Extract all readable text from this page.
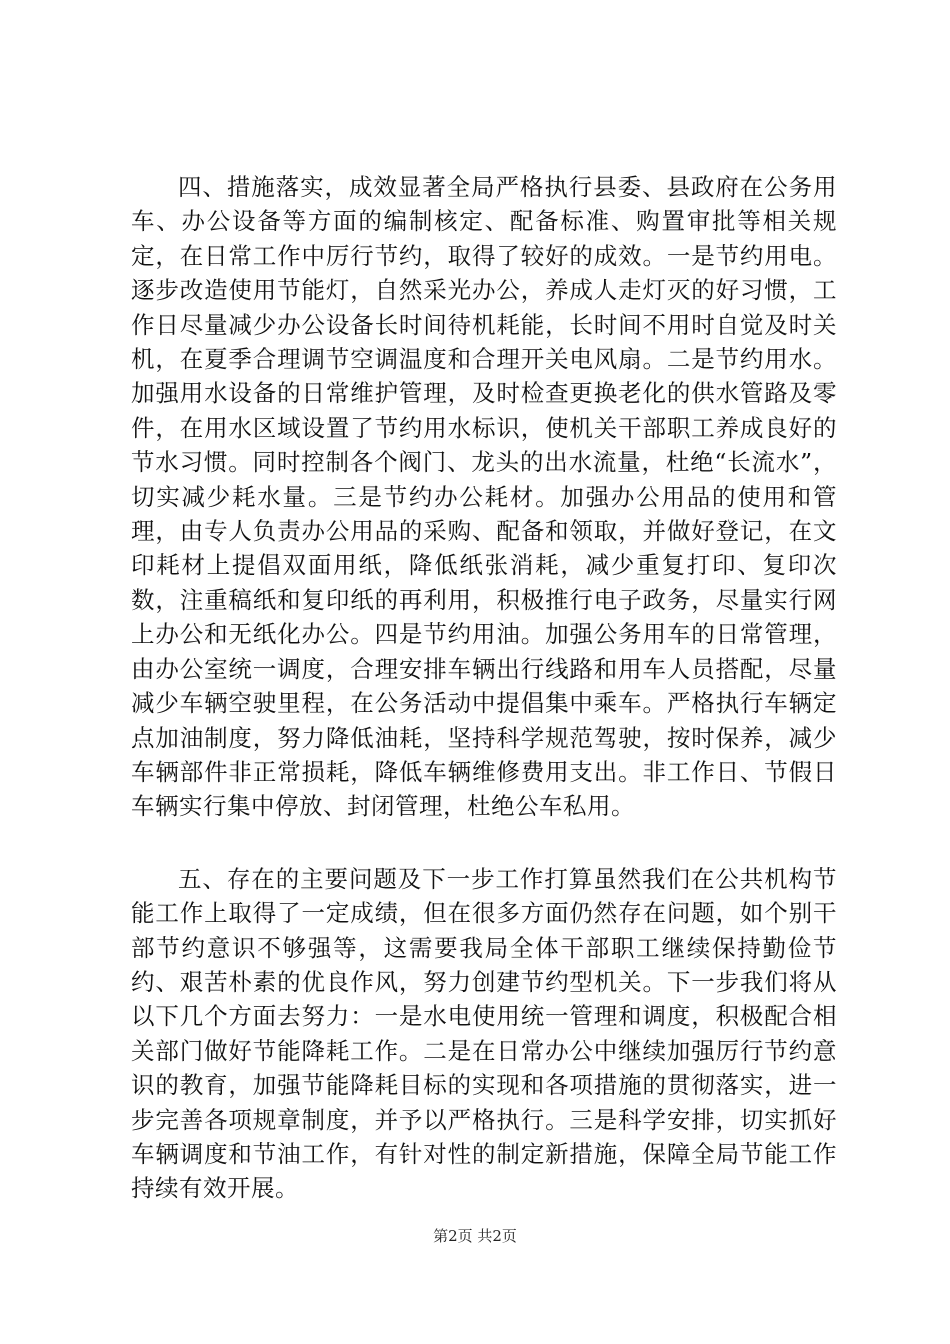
四、措施落实，成效显著全局严格执行县委、县政府在公务用车、办公设备等方面的编制核定、配备标准、购置审批等相关规定，在日常工作中厉行节约，取得了较好的成效。一是节约用电。逐步改造使用节能灯，自然采光办公，养成人走灯灭的好习惯，工作日尽量减少办公设备长时间待机耗能，长时间不用时自觉及时关机，在夏季合理调节空调温度和合理开关电风扇。二是节约用水。加强用水设备的日常维护管理，及时检查更换老化的供水管路及零件，在用水区域设置了节约用水标识，使机关干部职工养成良好的节水习惯。同时控制各个阀门、龙头的出水流量，杜绝“长流水”，切实减少耗水量。三是节约办公耗材。加强办公用品的使用和管理，由专人负责办公用品的采购、配备和领取，并做好登记，在文印耗材上提倡双面用纸，降低纸张消耗，减少重复打印、复印次数，注重稿纸和复印纸的再利用，积极推行电子政务，尽量实行网上办公和无纸化办公。四是节约用油。加强公务用车的日常管理，由办公室统一调度，合理安排车辆出行线路和用车人员搭配，尽量减少车辆空驶里程，在公务活动中提倡集中乘车。严格执行车辆定点加油制度，努力降低油耗，坚持科学规范驾驶，按时保养，减少车辆部件非正常损耗，降低车辆维修费用支出。非工作日、节假日车辆实行集中停放、封闭管理，杜绝公车私用。

五、存在的主要问题及下一步工作打算虽然我们在公共机构节能工作上取得了一定成绩，但在很多方面仍然存在问题，如个别干部节约意识不够强等，这需要我局全体干部职工继续保持勤俭节约、艰苦朴素的优良作风，努力创建节约型机关。下一步我们将从以下几个方面去努力：一是水电使用统一管理和调度，积极配合相关部门做好节能降耗工作。二是在日常办公中继续加强厉行节约意识的教育，加强节能降耗目标的实现和各项措施的贯彻落实，进一步完善各项规章制度，并予以严格执行。三是科学安排，切实抓好车辆调度和节油工作，有针对性的制定新措施，保障全局节能工作持续有效开展。

第2页 共2页
